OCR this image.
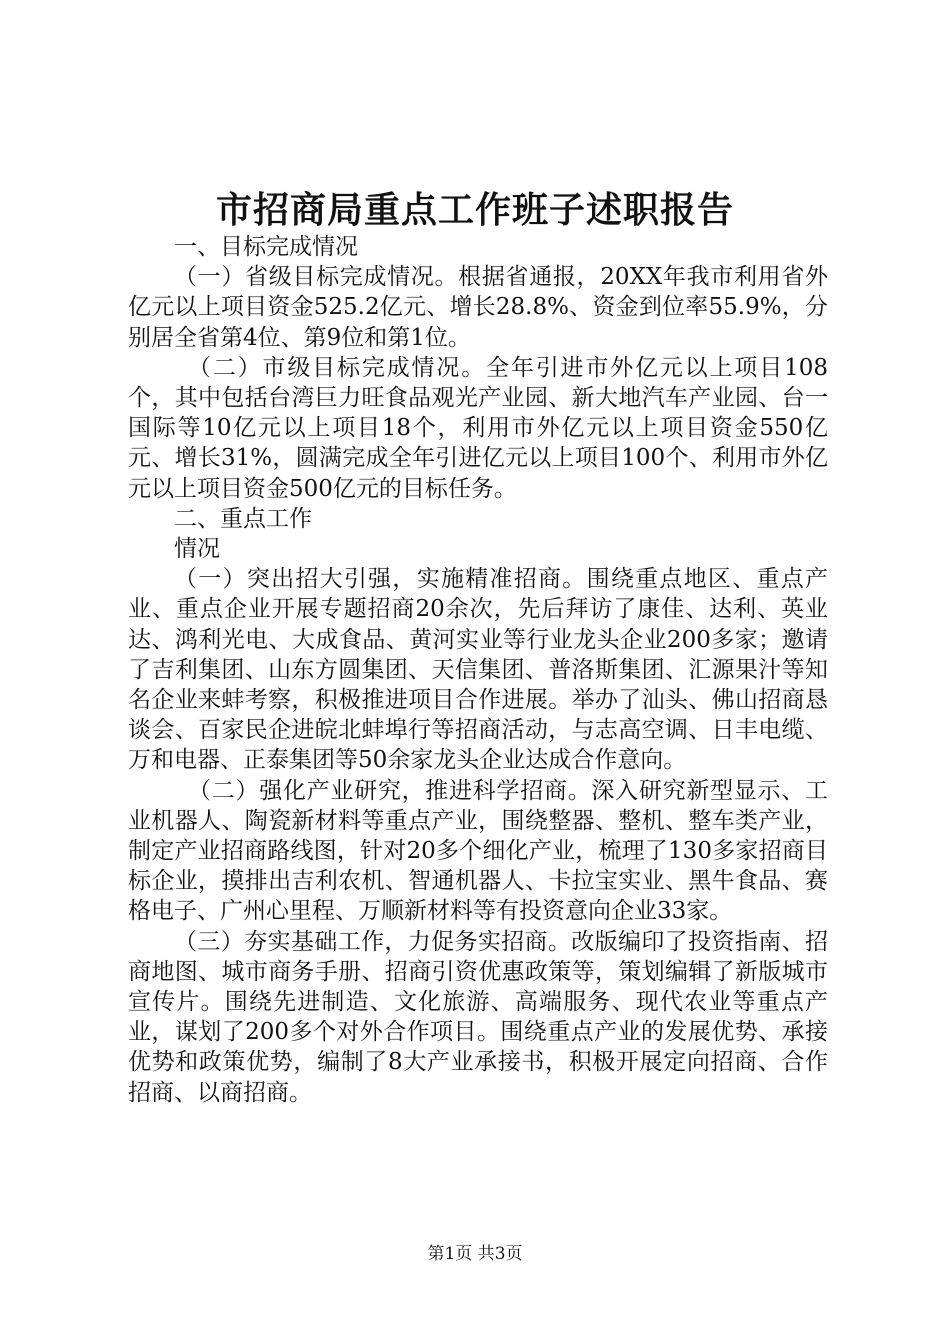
市招商局重点工作班子述职报告

一、目标完成情况

（一）省级目标完成情况。根据省通报，20XX年我市利用省外亿元以上项目资金525.2亿元、增长28.8%、资金到位率55.9%，分别居全省第4位、第9位和第1位。

（二）市级目标完成情况。全年引进市外亿元以上项目108个，其中包括台湾巨力旺食品观光产业园、新大地汽车产业园、台一国际等10亿元以上项目18个，利用市外亿元以上项目资金550亿元、增长31%，圆满完成全年引进亿元以上项目100个、利用市外亿元以上项目资金500亿元的目标任务。

二、重点工作

情况

（一）突出招大引强，实施精准招商。围绕重点地区、重点产业、重点企业开展专题招商20余次，先后拜访了康佳、达利、英业达、鸿利光电、大成食品、黄河实业等行业龙头企业200多家；邀请了吉利集团、山东方圆集团、天信集团、普洛斯集团、汇源果汁等知名企业来蚌考察，积极推进项目合作进展。举办了汕头、佛山招商恳谈会、百家民企进皖北蚌埠行等招商活动，与志高空调、日丰电缆、万和电器、正泰集团等50余家龙头企业达成合作意向。

（二）强化产业研究，推进科学招商。深入研究新型显示、工业机器人、陶瓷新材料等重点产业，围绕整器、整机、整车类产业，制定产业招商路线图，针对20多个细化产业，梳理了130多家招商目标企业，摸排出吉利农机、智通机器人、卡拉宝实业、黑牛食品、赛格电子、广州心里程、万顺新材料等有投资意向企业33家。

（三）夯实基础工作，力促务实招商。改版编印了投资指南、招商地图、城市商务手册、招商引资优惠政策等，策划编辑了新版城市宣传片。围绕先进制造、文化旅游、高端服务、现代农业等重点产业，谋划了200多个对外合作项目。围绕重点产业的发展优势、承接优势和政策优势，编制了8大产业承接书，积极开展定向招商、合作招商、以商招商。

第1页 共3页
